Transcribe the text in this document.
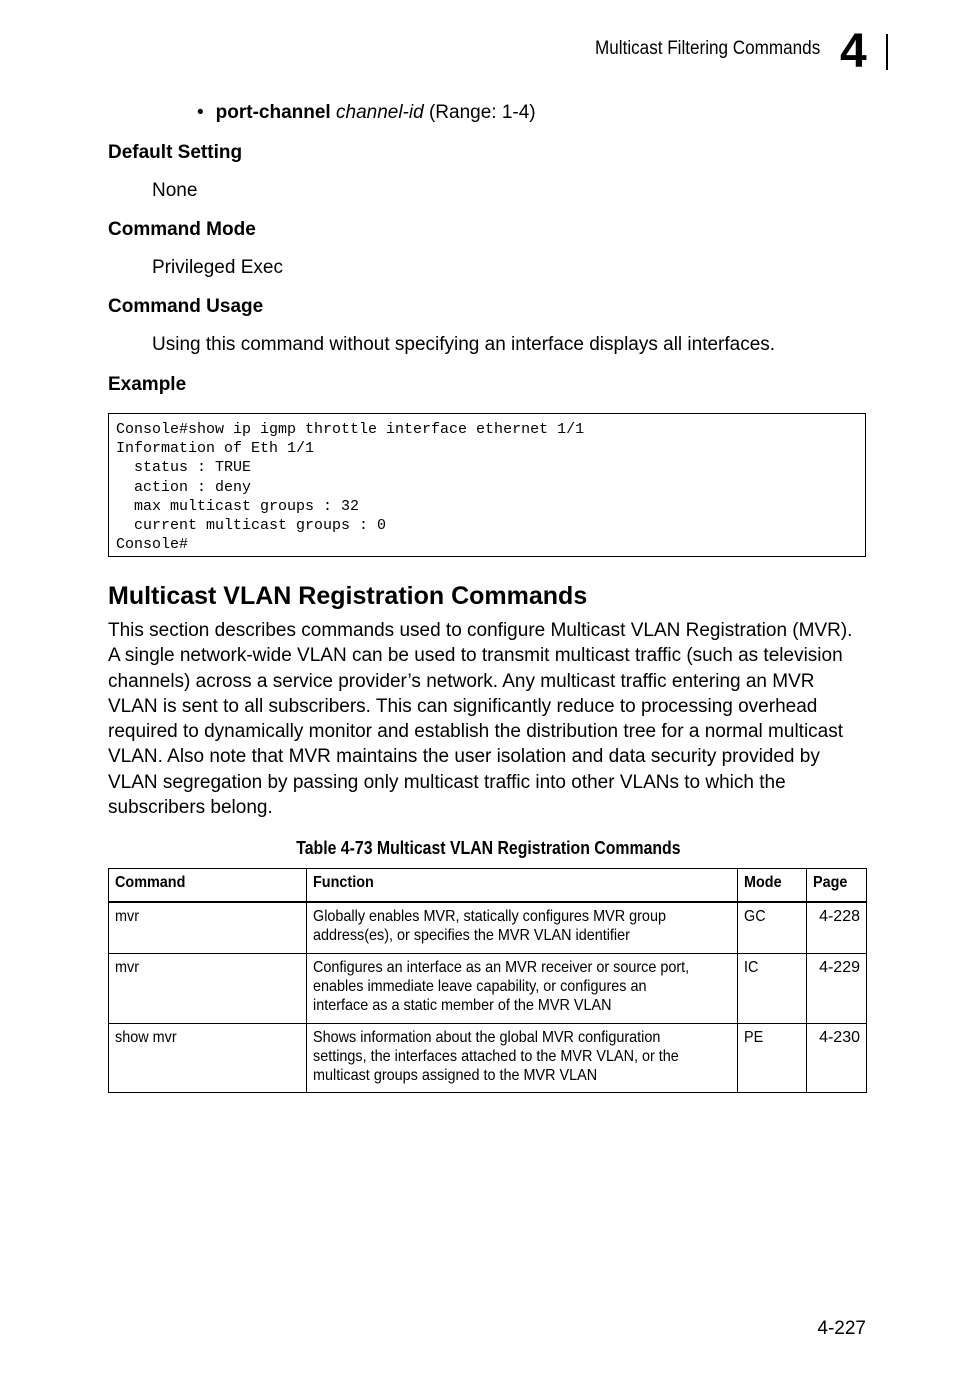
Multicast Filtering Commands 4
• port-channel channel-id (Range: 1-4)
Default Setting
None
Command Mode
Privileged Exec
Command Usage
Using this command without specifying an interface displays all interfaces.
Example
Console#show ip igmp throttle interface ethernet 1/1
Information of Eth 1/1
status : TRUE
action : deny
max multicast groups : 32
current multicast groups : 0
Console#
Multicast VLAN Registration Commands
This section describes commands used to configure Multicast VLAN Registration (MVR). A single network-wide VLAN can be used to transmit multicast traffic (such as television channels) across a service provider’s network. Any multicast traffic entering an MVR VLAN is sent to all subscribers. This can significantly reduce to processing overhead required to dynamically monitor and establish the distribution tree for a normal multicast VLAN. Also note that MVR maintains the user isolation and data security provided by VLAN segregation by passing only multicast traffic into other VLANs to which the subscribers belong.
Table 4-73 Multicast VLAN Registration Commands
Command	Function	Mode	Page
mvr	Globally enables MVR, statically configures MVR group
address(es), or specifies the MVR VLAN identifier	GC	4-228
mvr	Configures an interface as an MVR receiver or source port,
enables immediate leave capability, or configures an
interface as a static member of the MVR VLAN	IC	4-229
show mvr	Shows information about the global MVR configuration
settings, the interfaces attached to the MVR VLAN, or the
multicast groups assigned to the MVR VLAN	PE	4-230
4-227
